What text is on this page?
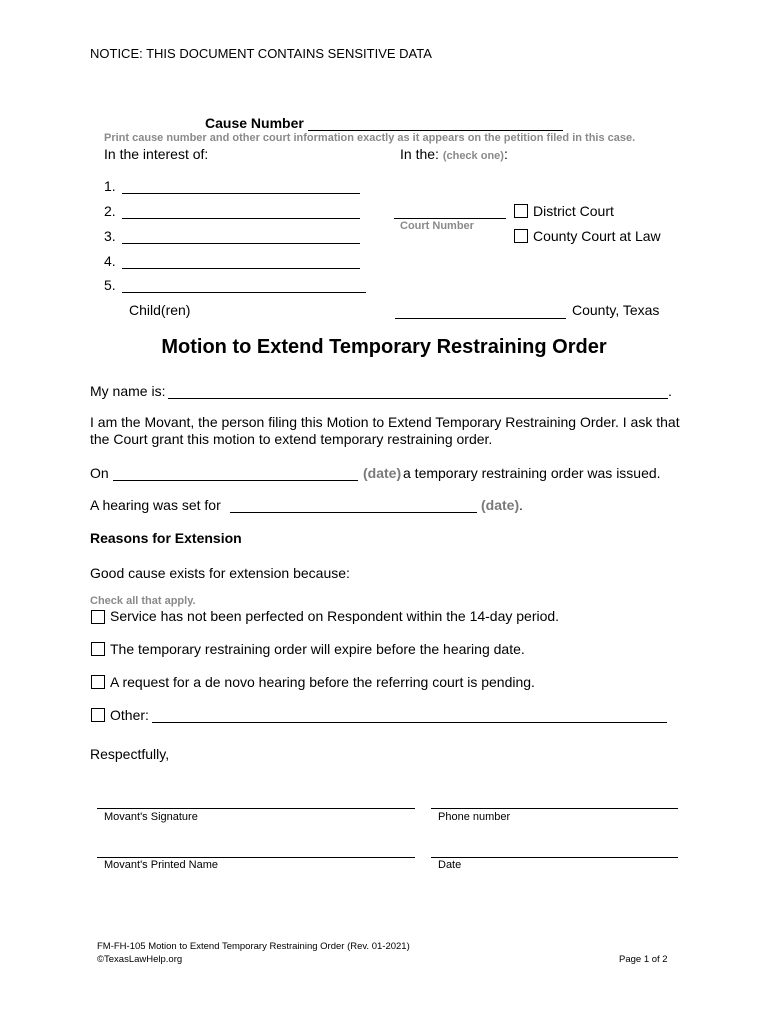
NOTICE: THIS DOCUMENT CONTAINS SENSITIVE DATA
Cause Number
Print cause number and other court information exactly as it appears on the petition filed in this case.
In the interest of:	In the: (check one):
1.
2.
3.
4.
5.
Child(ren)
Court Number
District Court
County Court at Law
County, Texas
Motion to Extend Temporary Restraining Order
My name is:	.
I am the Movant, the person filing this Motion to Extend Temporary Restraining Order. I ask that the Court grant this motion to extend temporary restraining order.
On	(date) a temporary restraining order was issued.
A hearing was set for	(date) .
Reasons for Extension
Good cause exists for extension because:
Check all that apply.
Service has not been perfected on Respondent within the 14-day period.
The temporary restraining order will expire before the hearing date.
A request for a de novo hearing before the referring court is pending.
Other:
Respectfully,
Movant's Signature	Phone number
Movant's Printed Name	Date
FM-FH-105 Motion to Extend Temporary Restraining Order (Rev. 01-2021)
©TexasLawHelp.org	Page 1 of 2
